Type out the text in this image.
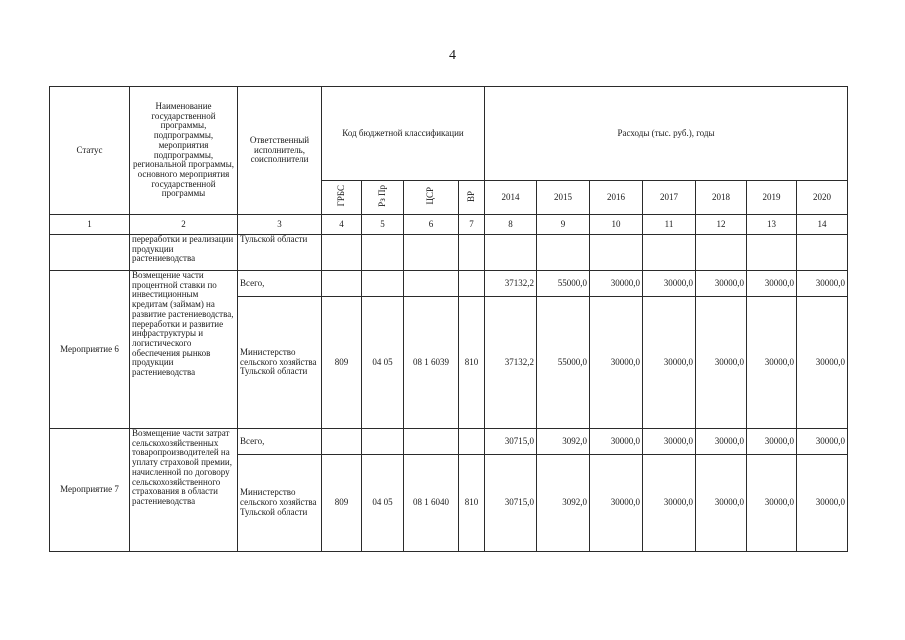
4
Статус	Наименование государственной программы, подпрограммы, мероприятия подпрограммы, региональной программы, основного мероприятия государственной программы	Ответственный исполнитель, соисполнители	Код бюджетной классификации				Расходы (тыс. руб.), годы						
			ГРБС	Рз Пр	ЦСР	ВР	2014	2015	2016	2017	2018	2019	2020
1	2	3	4	5	6	7	8	9	10	11	12	13	14
	переработки и реализации продукции растениеводства	Тульской области											
Мероприятие 6	Возмещение части процентной ставки по инвестиционным кредитам (займам) на развитие растениеводства, переработки и развитие инфраструктуры и логистического обеспечения рынков продукции растениеводства	Всего,					37132,2	55000,0	30000,0	30000,0	30000,0	30000,0	30000,0
		Министерство сельского хозяйства Тульской области	809	04 05	08 1 6039	810	37132,2	55000,0	30000,0	30000,0	30000,0	30000,0	30000,0
Мероприятие 7	Возмещение части затрат сельскохозяйственных товаропроизводителей на уплату страховой премии, начисленной по договору сельскохозяйственного страхования в области растениеводства	Всего,					30715,0	3092,0	30000,0	30000,0	30000,0	30000,0	30000,0
		Министерство сельского хозяйства Тульской области	809	04 05	08 1 6040	810	30715,0	3092,0	30000,0	30000,0	30000,0	30000,0	30000,0
